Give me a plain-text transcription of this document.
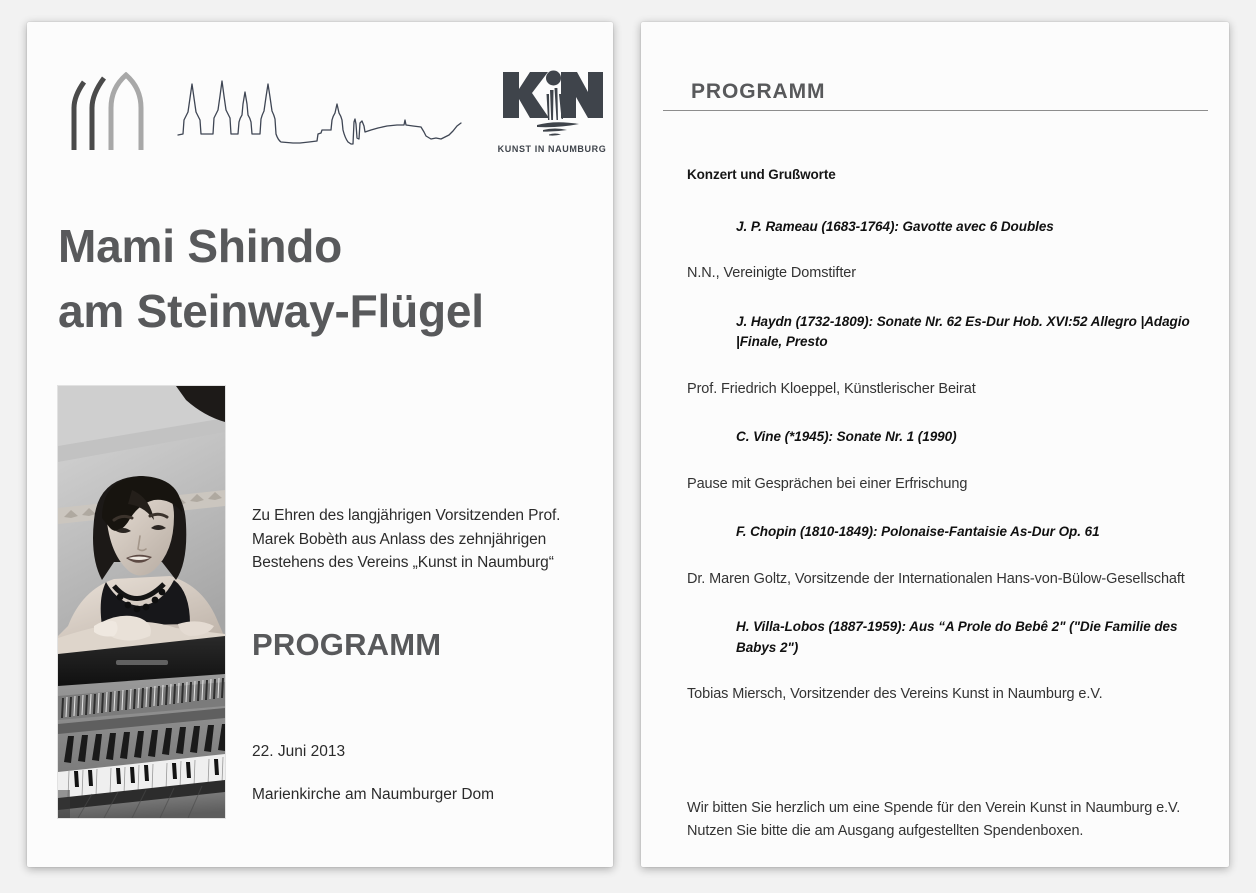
KUNST IN NAUMBURG
Mami Shindo
am Steinway-Flügel
Zu Ehren des langjährigen Vorsitzenden Prof. Marek Bobèth aus Anlass des zehnjährigen Bestehens des Vereins „Kunst in Naumburg“
PROGRAMM
22. Juni 2013
Marienkirche am Naumburger Dom
PROGRAMM
Konzert und Grußworte
J. P. Rameau (1683-1764): Gavotte avec 6 Doubles
N.N., Vereinigte Domstifter
J. Haydn (1732-1809): Sonate Nr. 62 Es-Dur Hob. XVI:52 Allegro |Adagio |Finale, Presto
Prof. Friedrich Kloeppel, Künstlerischer Beirat
C. Vine (*1945): Sonate Nr. 1 (1990)
Pause mit Gesprächen bei einer Erfrischung
F. Chopin (1810-1849): Polonaise-Fantaisie As-Dur Op. 61
Dr. Maren Goltz, Vorsitzende der Internationalen Hans-von-Bülow-Gesellschaft
H. Villa-Lobos (1887-1959): Aus “A Prole do Bebê 2" ("Die Familie des Babys 2")
Tobias Miersch, Vorsitzender des Vereins Kunst in Naumburg e.V.
Wir bitten Sie herzlich um eine Spende für den Verein Kunst in Naumburg e.V. Nutzen Sie bitte die am Ausgang aufgestellten Spendenboxen.
